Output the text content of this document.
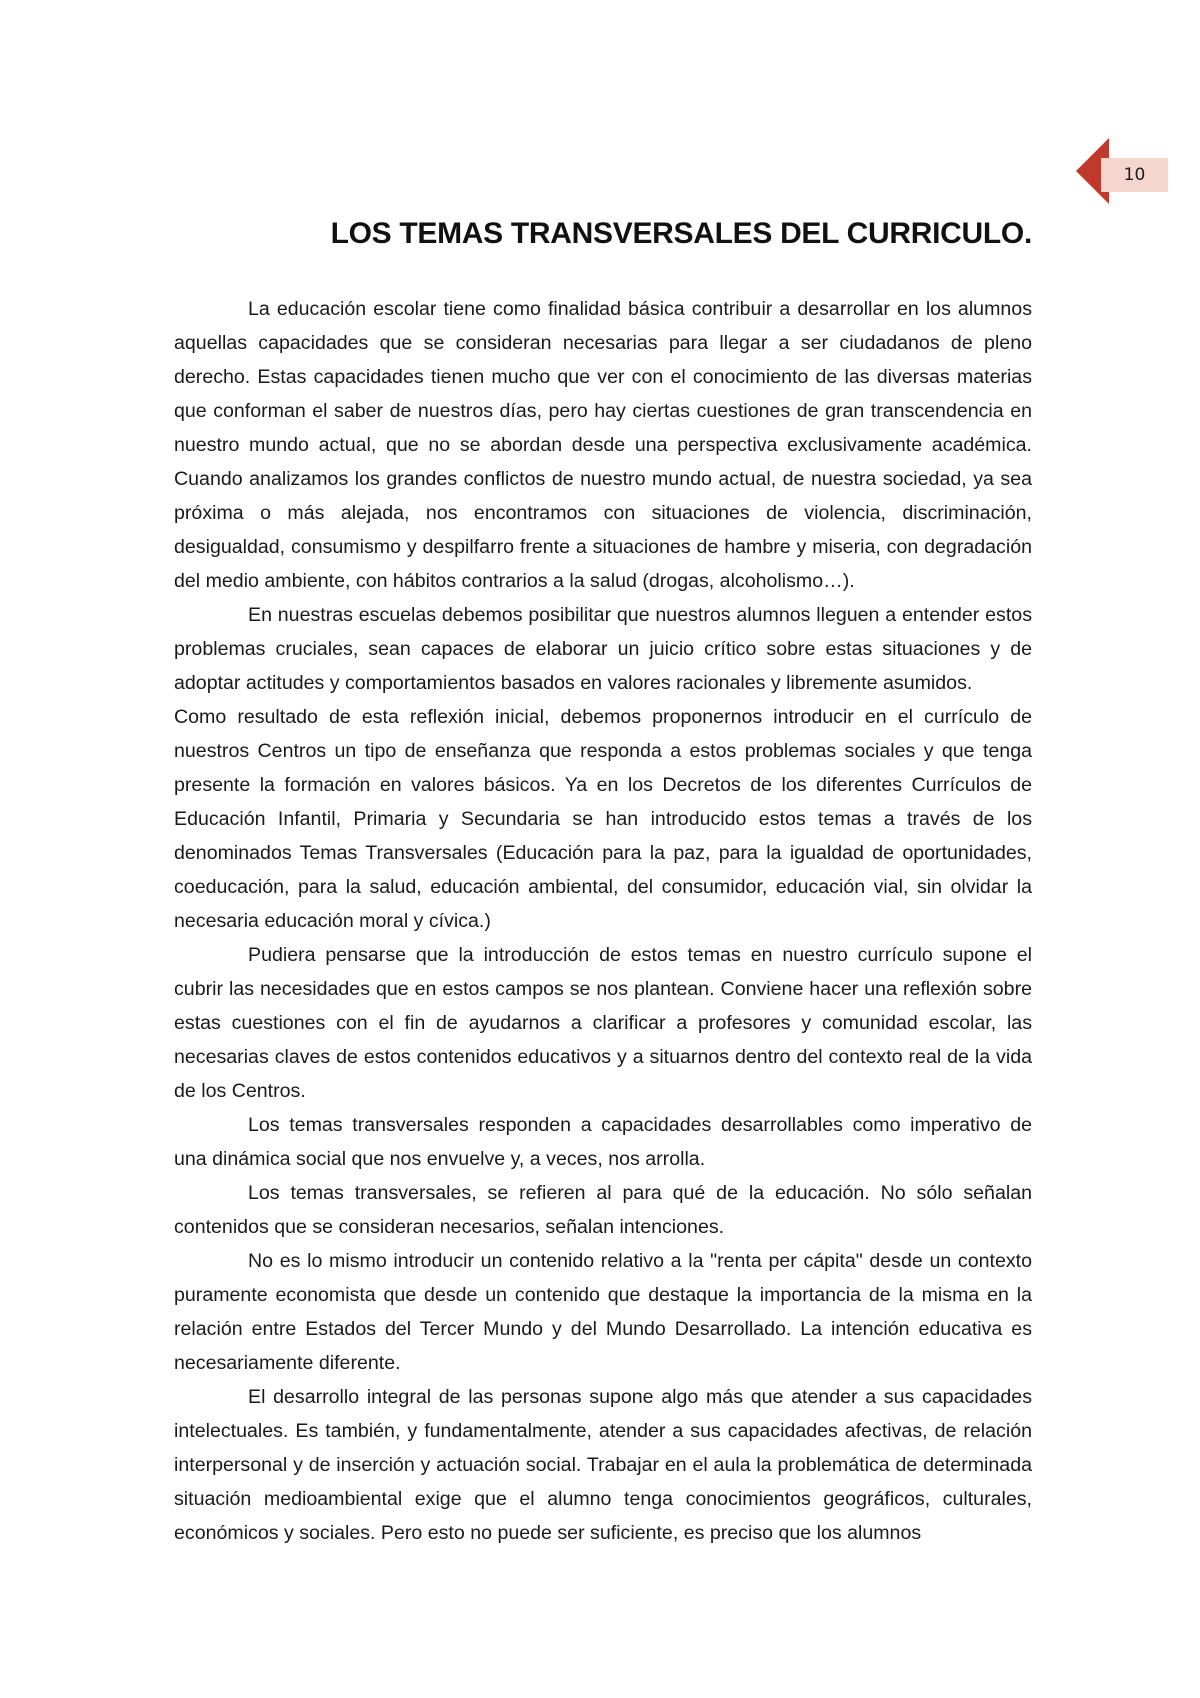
10
LOS TEMAS TRANSVERSALES DEL CURRICULO.

La educación escolar tiene como finalidad básica contribuir a desarrollar en los alumnos aquellas capacidades que se consideran necesarias para llegar a ser ciudadanos de pleno derecho. Estas capacidades tienen mucho que ver con el conocimiento de las diversas materias que conforman el saber de nuestros días, pero hay ciertas cuestiones de gran transcendencia en nuestro mundo actual, que no se abordan desde una perspectiva exclusivamente académica. Cuando analizamos los grandes conflictos de nuestro mundo actual, de nuestra sociedad, ya sea próxima o más alejada, nos encontramos con situaciones de violencia, discriminación, desigualdad, consumismo y despilfarro frente a situaciones de hambre y miseria, con degradación del medio ambiente, con hábitos contrarios a la salud (drogas, alcoholismo…).

En nuestras escuelas debemos posibilitar que nuestros alumnos lleguen a entender estos problemas cruciales, sean capaces de elaborar un juicio crítico sobre estas situaciones y de adoptar actitudes y comportamientos basados en valores racionales y libremente asumidos.

Como resultado de esta reflexión inicial, debemos proponernos introducir en el currículo de nuestros Centros un tipo de enseñanza que responda a estos problemas sociales y que tenga presente la formación en valores básicos. Ya en los Decretos de los diferentes Currículos de Educación Infantil, Primaria y Secundaria se han introducido estos temas a través de los denominados Temas Transversales (Educación para la paz, para la igualdad de oportunidades, coeducación, para la salud, educación ambiental, del consumidor, educación vial, sin olvidar la necesaria educación moral y cívica.)

Pudiera pensarse que la introducción de estos temas en nuestro currículo supone el cubrir las necesidades que en estos campos se nos plantean. Conviene hacer una reflexión sobre estas cuestiones con el fin de ayudarnos a clarificar a profesores y comunidad escolar, las necesarias claves de estos contenidos educativos y a situarnos dentro del contexto real de la vida de los Centros.

Los temas transversales responden a capacidades desarrollables como imperativo de una dinámica social que nos envuelve y, a veces, nos arrolla.

Los temas transversales, se refieren al para qué de la educación. No sólo señalan contenidos que se consideran necesarios, señalan intenciones.

No es lo mismo introducir un contenido relativo a la "renta per cápita" desde un contexto puramente economista que desde un contenido que destaque la importancia de la misma en la relación entre Estados del Tercer Mundo y del Mundo Desarrollado. La intención educativa es necesariamente diferente.

El desarrollo integral de las personas supone algo más que atender a sus capacidades intelectuales. Es también, y fundamentalmente, atender a sus capacidades afectivas, de relación interpersonal y de inserción y actuación social. Trabajar en el aula la problemática de determinada situación medioambiental exige que el alumno tenga conocimientos geográficos, culturales, económicos y sociales. Pero esto no puede ser suficiente, es preciso que los alumnos
